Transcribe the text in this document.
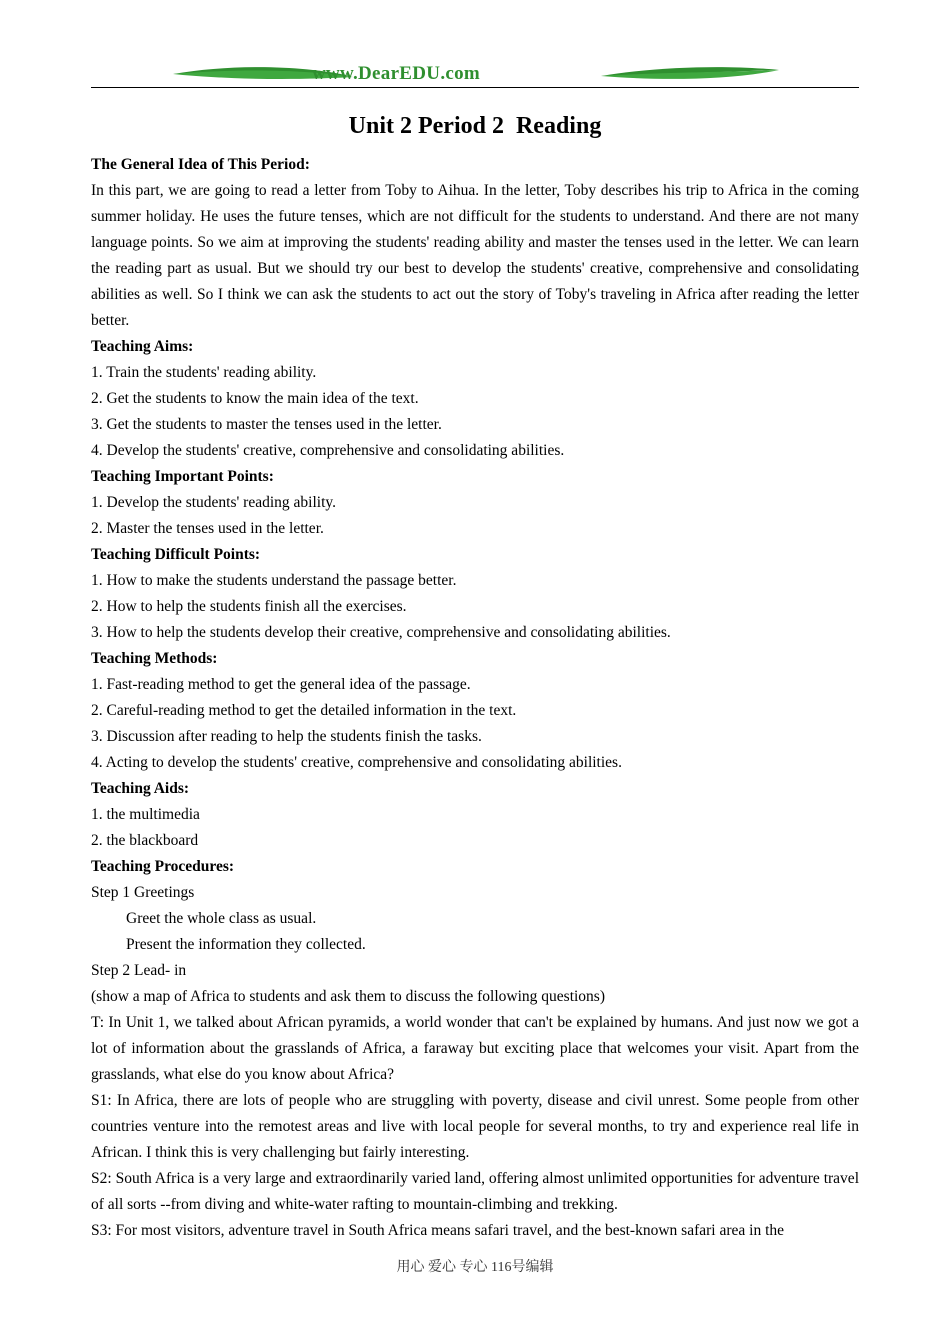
www.DearEDU.com
Unit 2 Period 2  Reading

The General Idea of This Period:

In this part, we are going to read a letter from Toby to Aihua. In the letter, Toby describes his trip to Africa in the coming summer holiday. He uses the future tenses, which are not difficult for the students to understand. And there are not many language points. So we aim at improving the students' reading ability and master the tenses used in the letter. We can learn the reading part as usual. But we should try our best to develop the students' creative, comprehensive and consolidating abilities as well. So I think we can ask the students to act out the story of Toby's traveling in Africa after reading the letter better.

Teaching Aims:

1. Train the students' reading ability.

2. Get the students to know the main idea of the text.

3. Get the students to master the tenses used in the letter.

4. Develop the students' creative, comprehensive and consolidating abilities.

Teaching Important Points:

1. Develop the students' reading ability.

2. Master the tenses used in the letter.

Teaching Difficult Points:

1. How to make the students understand the passage better.

2. How to help the students finish all the exercises.

3. How to help the students develop their creative, comprehensive and consolidating abilities.

Teaching Methods:

1. Fast-reading method to get the general idea of the passage.

2. Careful-reading method to get the detailed information in the text.

3. Discussion after reading to help the students finish the tasks.

4. Acting to develop the students' creative, comprehensive and consolidating abilities.

Teaching Aids:

1. the multimedia

2. the blackboard

Teaching Procedures:

Step 1 Greetings

Greet the whole class as usual.

Present the information they collected.

Step 2 Lead- in

(show a map of Africa to students and ask them to discuss the following questions)

T: In Unit 1, we talked about African pyramids, a world wonder that can't be explained by humans. And just now we got a lot of information about the grasslands of Africa, a faraway but exciting place that welcomes your visit. Apart from the grasslands, what else do you know about Africa?

S1: In Africa, there are lots of people who are struggling with poverty, disease and civil unrest. Some people from other countries venture into the remotest areas and live with local people for several months, to try and experience real life in African. I think this is very challenging but fairly interesting.

S2: South Africa is a very large and extraordinarily varied land, offering almost unlimited opportunities for adventure travel of all sorts --from diving and white-water rafting to mountain-climbing and trekking.

S3: For most visitors, adventure travel in South Africa means safari travel, and the best-known safari area in the

用心 爱心 专心 116号编辑
